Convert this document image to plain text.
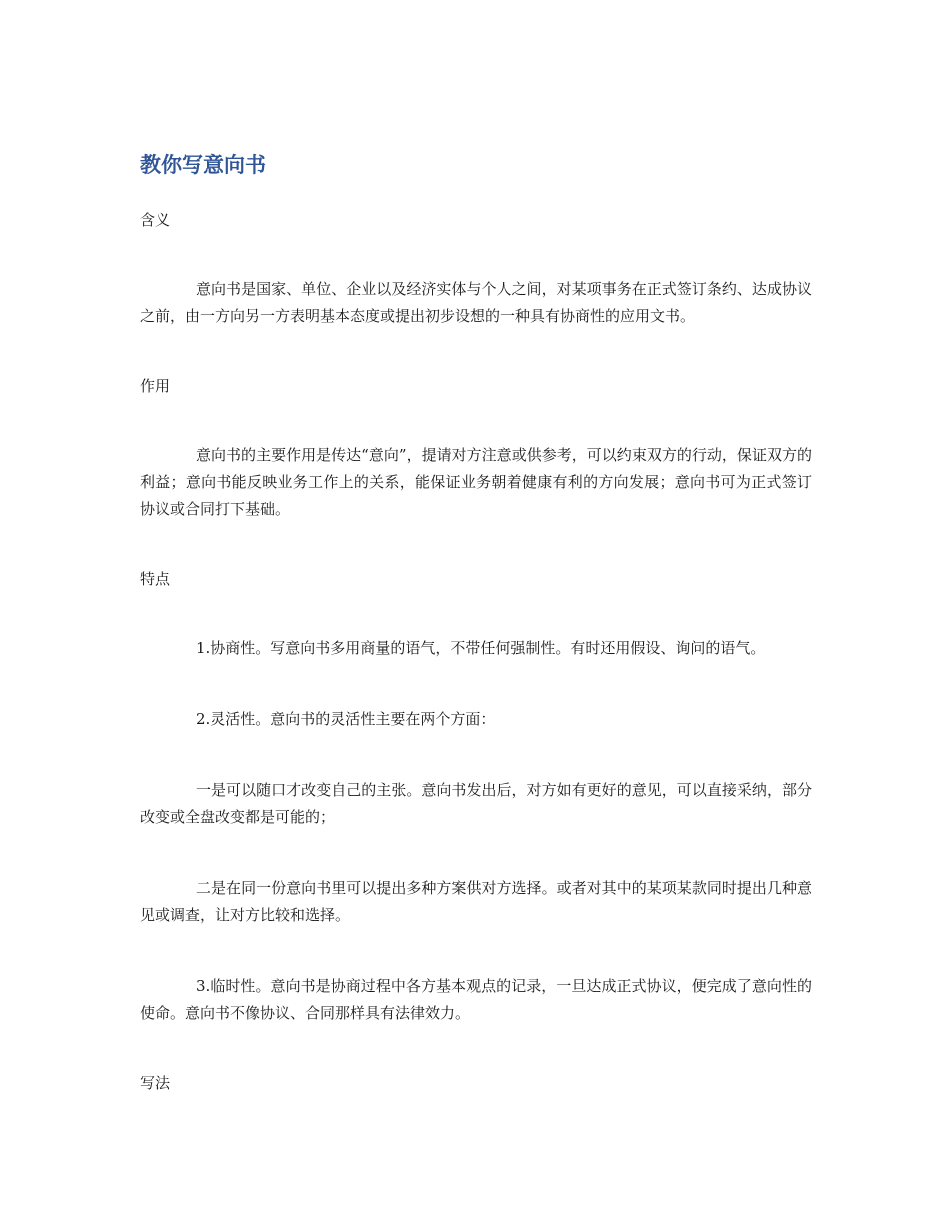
教你写意向书
含义

意向书是国家、单位、企业以及经济实体与个人之间，对某项事务在正式签订条约、达成协议之前，由一方向另一方表明基本态度或提出初步设想的一种具有协商性的应用文书。

作用

意向书的主要作用是传达“意向”，提请对方注意或供参考，可以约束双方的行动，保证双方的利益；意向书能反映业务工作上的关系，能保证业务朝着健康有利的方向发展；意向书可为正式签订协议或合同打下基础。

特点

1.协商性。写意向书多用商量的语气，不带任何强制性。有时还用假设、询问的语气。

2.灵活性。意向书的灵活性主要在两个方面：

一是可以随口才改变自己的主张。意向书发出后，对方如有更好的意见，可以直接采纳，部分改变或全盘改变都是可能的；

二是在同一份意向书里可以提出多种方案供对方选择。或者对其中的某项某款同时提出几种意见或调查，让对方比较和选择。

3.临时性。意向书是协商过程中各方基本观点的记录，一旦达成正式协议，便完成了意向性的使命。意向书不像协议、合同那样具有法律效力。

写法
